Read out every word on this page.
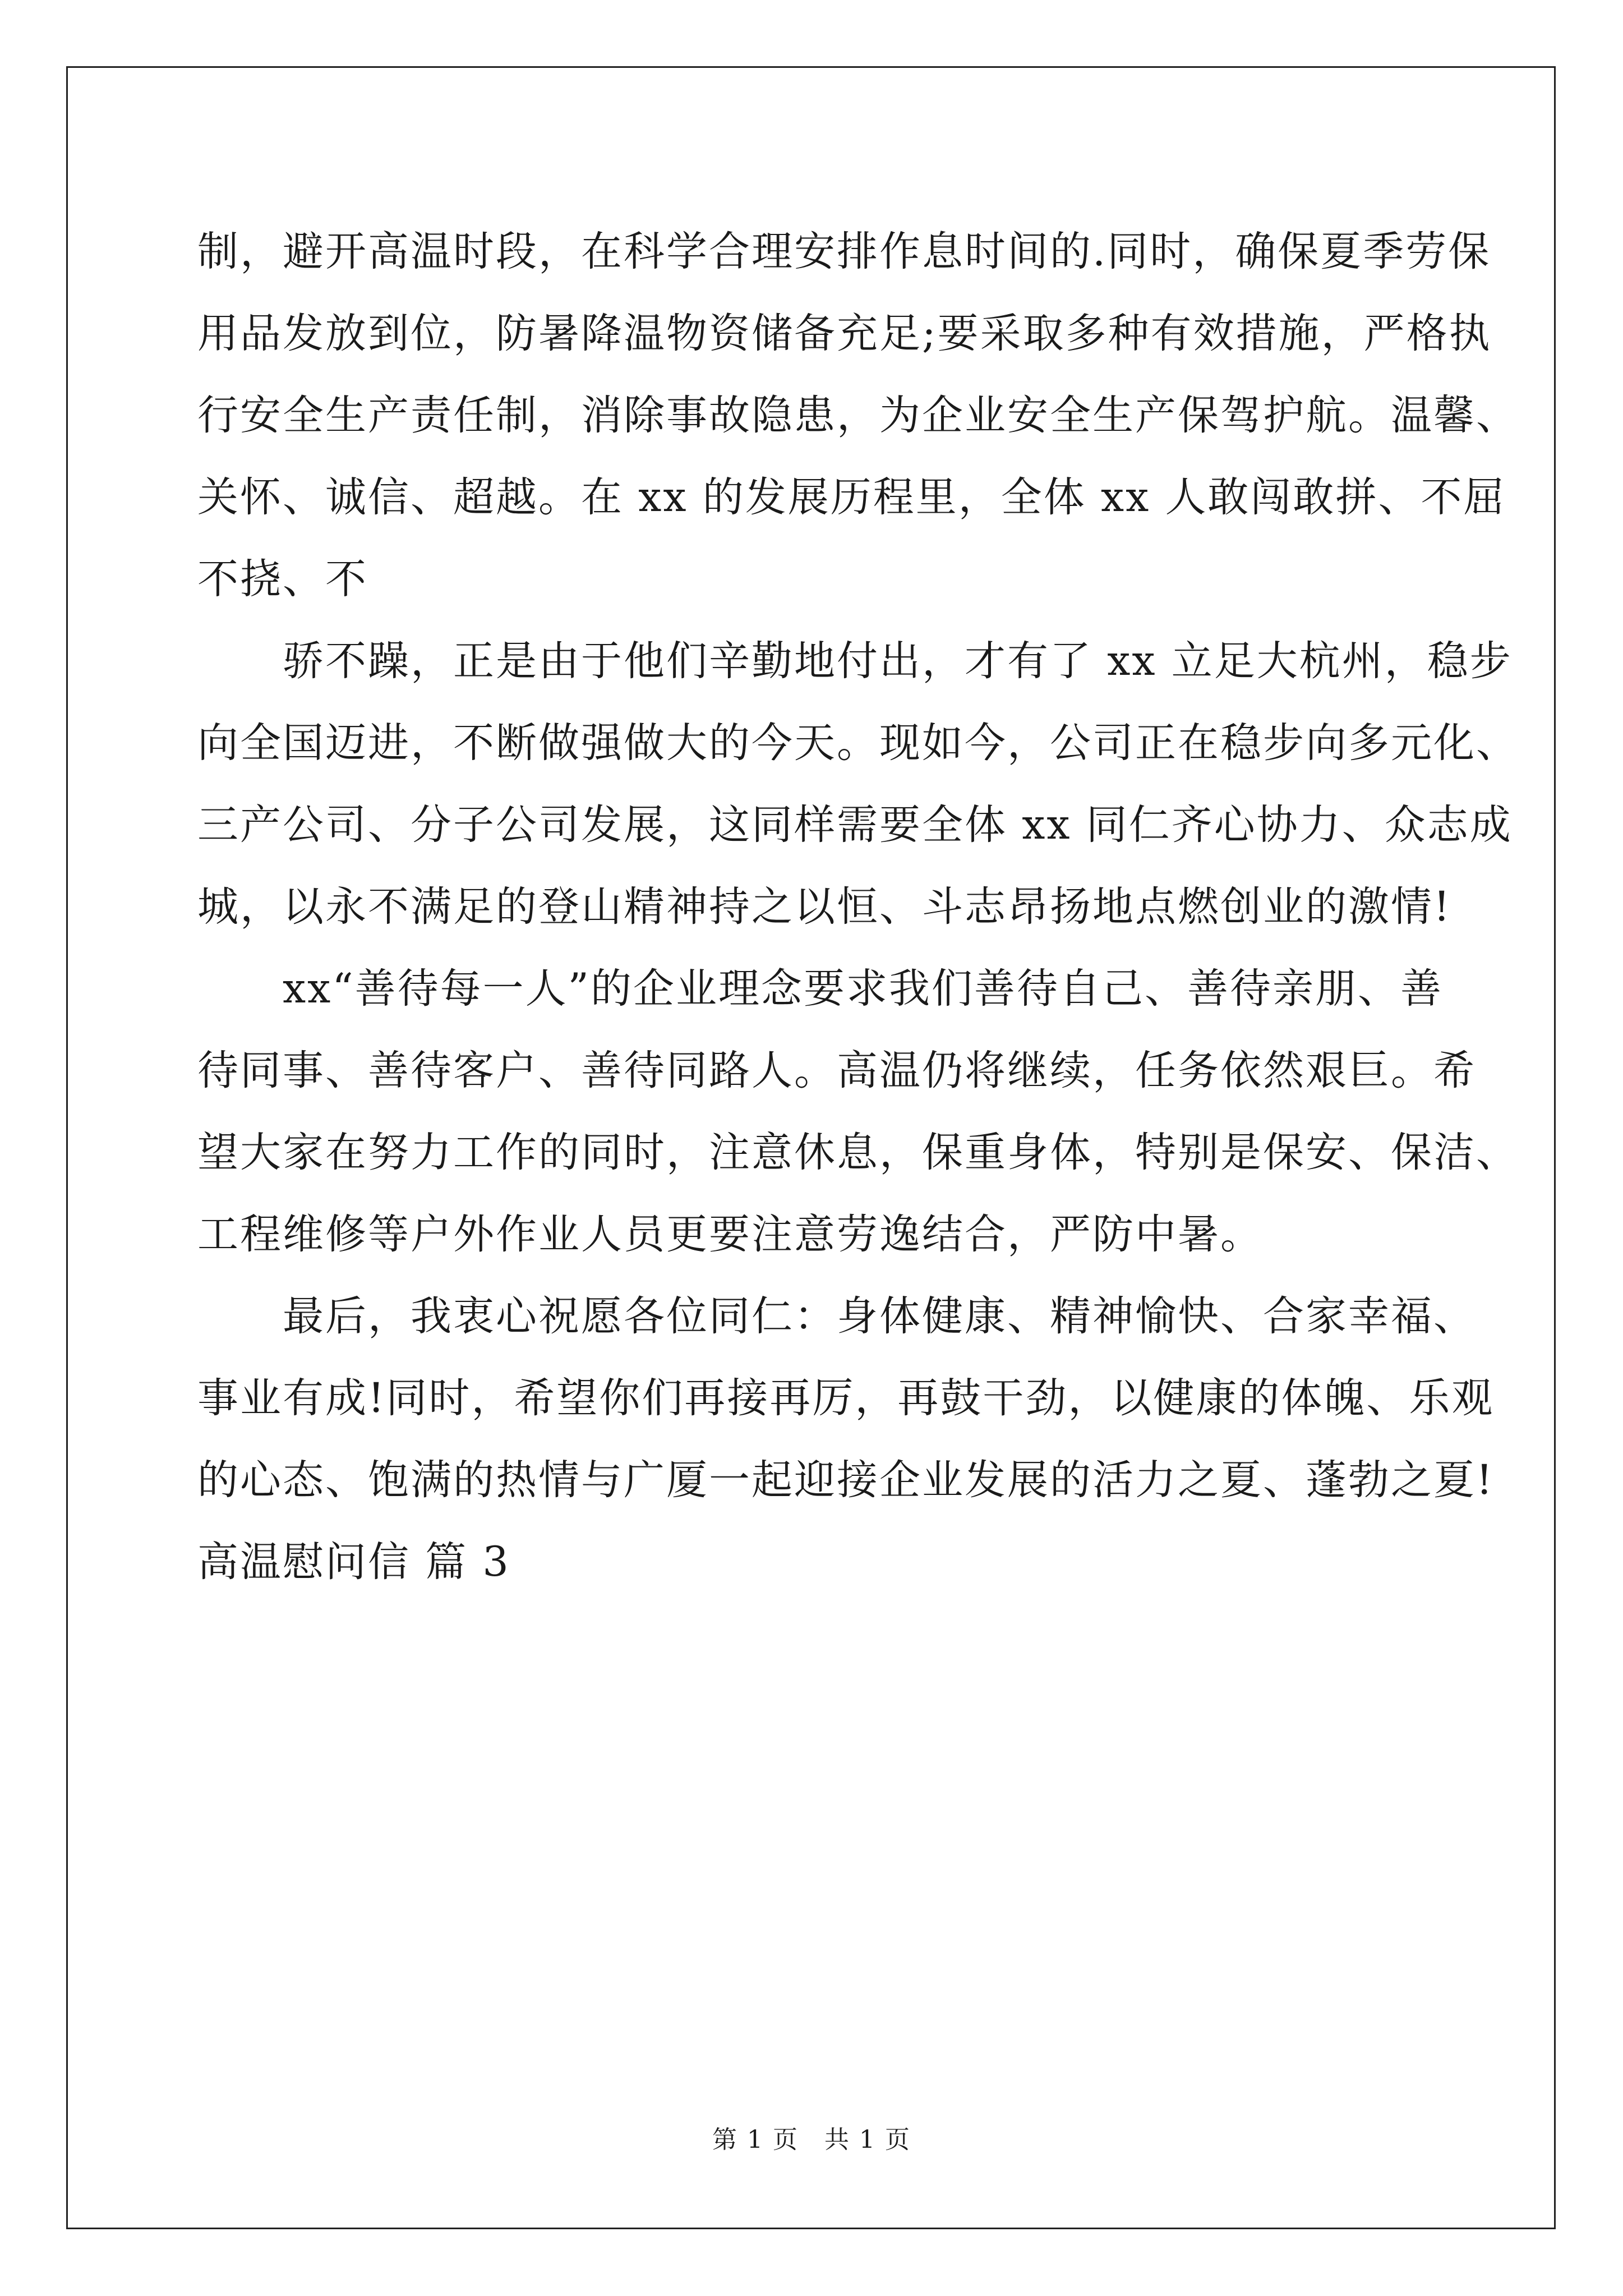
制，避开高温时段，在科学合理安排作息时间的.同时，确保夏季劳保
用品发放到位，防暑降温物资储备充足;要采取多种有效措施，严格执
行安全生产责任制，消除事故隐患，为企业安全生产保驾护航。温馨、
关怀、诚信、超越。在 xx 的发展历程里，全体 xx 人敢闯敢拼、不屈
不挠、不
　　骄不躁，正是由于他们辛勤地付出，才有了 xx 立足大杭州，稳步
向全国迈进，不断做强做大的今天。现如今，公司正在稳步向多元化、
三产公司、分子公司发展，这同样需要全体 xx 同仁齐心协力、众志成
城，以永不满足的登山精神持之以恒、斗志昂扬地点燃创业的激情!
　　xx“善待每一人”的企业理念要求我们善待自己、善待亲朋、善
待同事、善待客户、善待同路人。高温仍将继续，任务依然艰巨。希
望大家在努力工作的同时，注意休息，保重身体，特别是保安、保洁、
工程维修等户外作业人员更要注意劳逸结合，严防中暑。
　　最后，我衷心祝愿各位同仁：身体健康、精神愉快、合家幸福、
事业有成!同时，希望你们再接再厉，再鼓干劲，以健康的体魄、乐观
的心态、饱满的热情与广厦一起迎接企业发展的活力之夏、蓬勃之夏!
高温慰问信 篇 3
第 1 页　共 1 页
